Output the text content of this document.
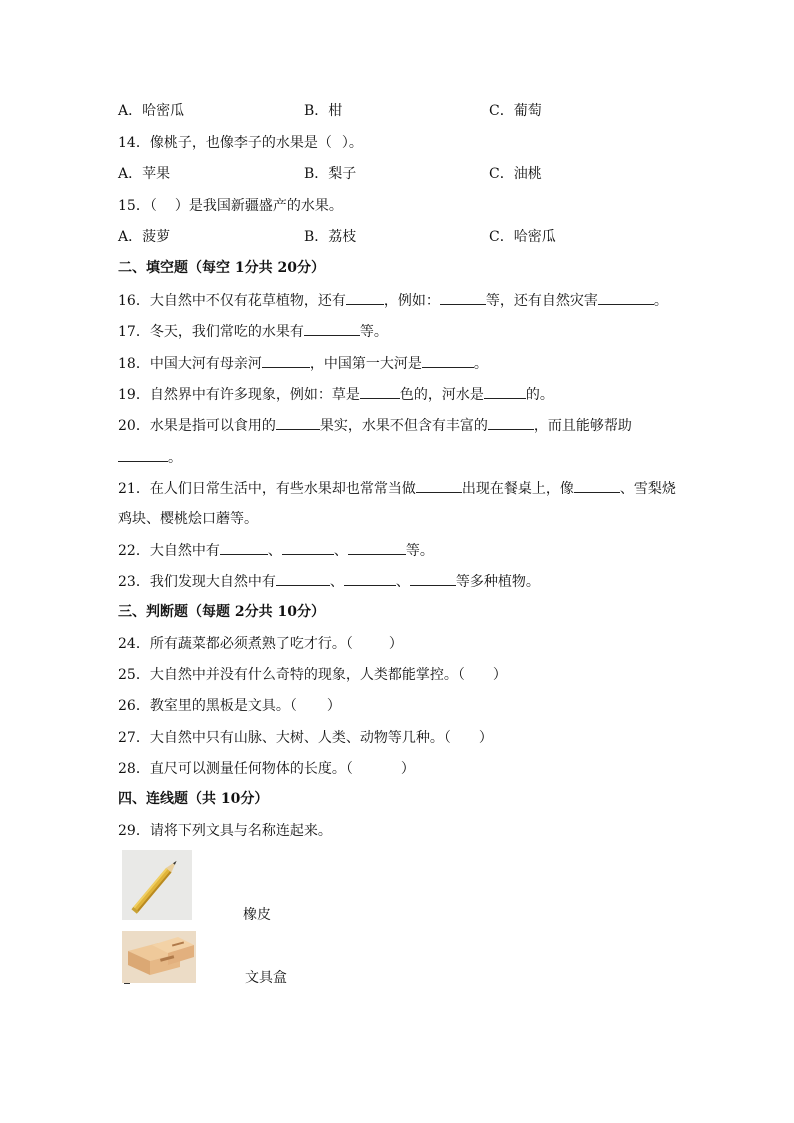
A．哈密瓜	B．柑	C．葡萄
14．像桃子，也像李子的水果是（ ）。
A．苹果	B．梨子	C．油桃
15．（ ）是我国新疆盛产的水果。
A．菠萝	B．荔枝	C．哈密瓜
二、填空题（每空 1分共 20分）
16．大自然中不仅有花草植物，还有	，例如：	等，还有自然灾害	。
17．冬天，我们常吃的水果有	等。
18．中国大河有母亲河	，中国第一大河是	。
19．自然界中有许多现象，例如：草是	色的，河水是	的。
20．水果是指可以食用的	果实，水果不但含有丰富的	，而且能够帮助
。
21．在人们日常生活中，有些水果却也常常当做	出现在餐桌上，像	、雪梨烧
鸡块、樱桃烩口蘑等。
22．大自然中有	、	、	等。
23．我们发现大自然中有	、	、	等多种植物。
三、判断题（每题 2分共 10分）
24．所有蔬菜都必须煮熟了吃才行。（	）
25．大自然中并没有什么奇特的现象，人类都能掌控。（ ）
26．教室里的黑板是文具。（ ）
27．大自然中只有山脉、大树、人类、动物等几种。（ ）
28．直尺可以测量任何物体的长度。（	）
四、连线题（共 10分）
29．请将下列文具与名称连起来。
橡皮
文具盒
